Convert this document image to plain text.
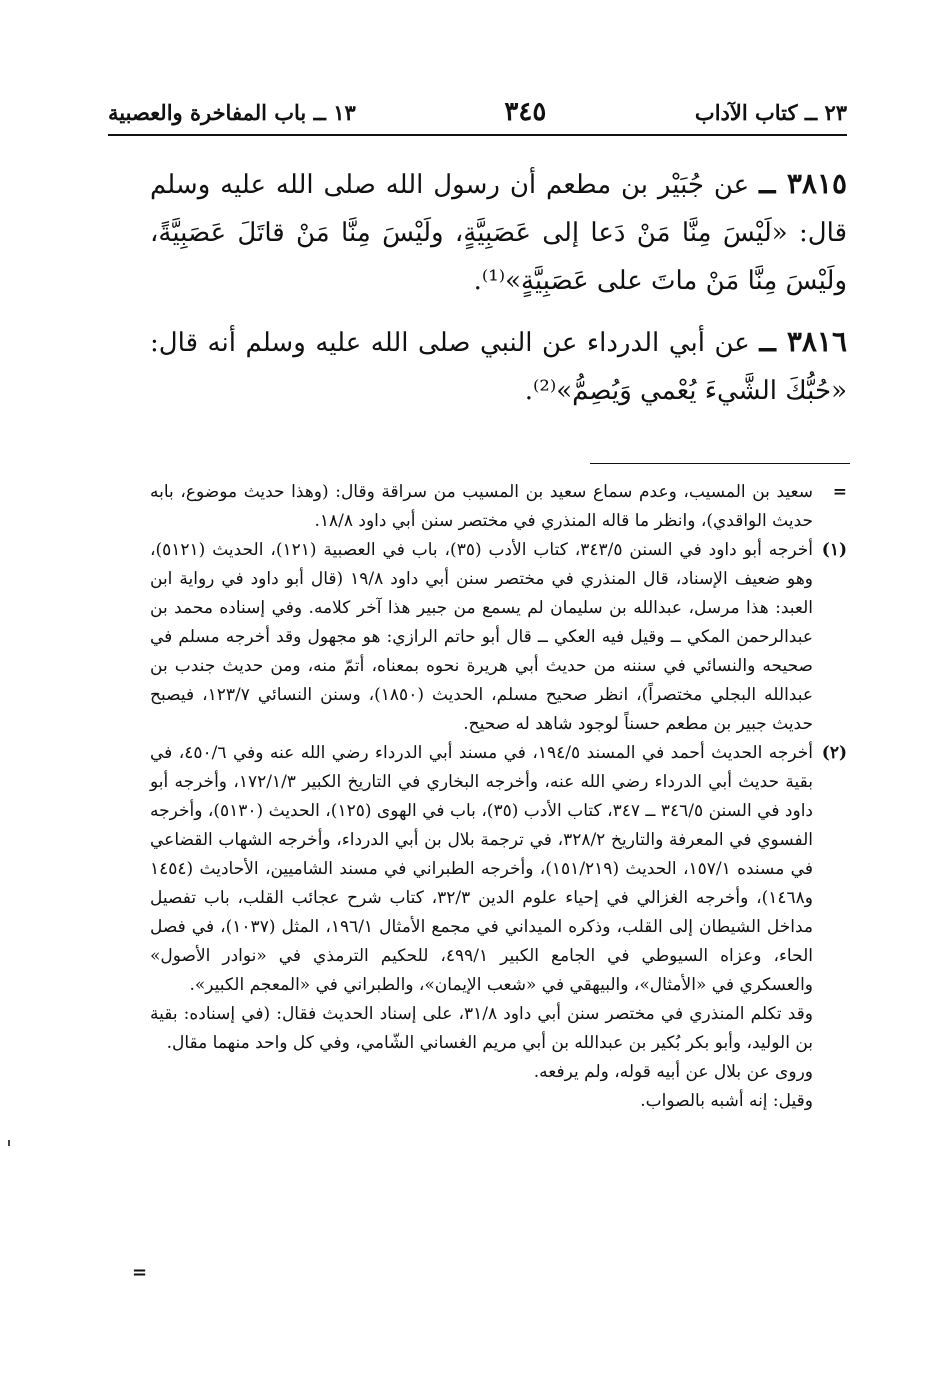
٢٣ ــ كتاب الآداب
٣٤٥
١٣ ــ باب المفاخرة والعصبية
٣٨١٥ ــ عن جُبَيْر بن مطعم أن رسول الله صلى الله عليه وسلم قال: «لَيْسَ مِنَّا مَنْ دَعا إلى عَصَبِيَّةٍ، ولَيْسَ مِنَّا مَنْ قاتَلَ عَصَبِيَّةً، ولَيْسَ مِنَّا مَنْ ماتَ على عَصَبِيَّةٍ»⁽¹⁾.
٣٨١٦ ــ عن أبي الدرداء عن النبي صلى الله عليه وسلم أنه قال: «حُبُّكَ الشَّيءَ يُعْمي وَيُصِمُّ»⁽²⁾.
=

سعيد بن المسيب، وعدم سماع سعيد بن المسيب من سراقة وقال: (وهذا حديث موضوع، بابه حديث الواقدي)، وانظر ما قاله المنذري في مختصر سنن أبي داود ١٨/٨.

(١)

أخرجه أبو داود في السنن ٣٤٣/٥، كتاب الأدب (٣٥)، باب في العصبية (١٢١)، الحديث (٥١٢١)، وهو ضعيف الإسناد، قال المنذري في مختصر سنن أبي داود ١٩/٨ (قال أبو داود في رواية ابن العبد: هذا مرسل، عبدالله بن سليمان لم يسمع من جبير هذا آخر كلامه. وفي إسناده محمد بن عبدالرحمن المكي ــ وقيل فيه العكي ــ قال أبو حاتم الرازي: هو مجهول وقد أخرجه مسلم في صحيحه والنسائي في سننه من حديث أبي هريرة نحوه بمعناه، أتمّ منه، ومن حديث جندب بن عبدالله البجلي مختصراً)، انظر صحيح مسلم، الحديث (١٨٥٠)، وسنن النسائي ١٢٣/٧، فيصبح حديث جبير بن مطعم حسناً لوجود شاهد له صحيح.

(٢)

أخرجه الحديث أحمد في المسند ١٩٤/٥، في مسند أبي الدرداء رضي الله عنه وفي ٤٥٠/٦، في بقية حديث أبي الدرداء رضي الله عنه، وأخرجه البخاري في التاريخ الكبير ١٧٢/١/٣، وأخرجه أبو داود في السنن ٣٤٦/٥ ــ ٣٤٧، كتاب الأدب (٣٥)، باب في الهوى (١٢٥)، الحديث (٥١٣٠)، وأخرجه الفسوي في المعرفة والتاريخ ٣٢٨/٢، في ترجمة بلال بن أبي الدرداء، وأخرجه الشهاب القضاعي في مسنده ١٥٧/١، الحديث (١٥١/٢١٩)، وأخرجه الطبراني في مسند الشاميين، الأحاديث (١٤٥٤ و١٤٦٨)، وأخرجه الغزالي في إحياء علوم الدين ٣٢/٣، كتاب شرح عجائب القلب، باب تفصيل مداخل الشيطان إلى القلب، وذكره الميداني في مجمع الأمثال ١٩٦/١، المثل (١٠٣٧)، في فصل الحاء، وعزاه السيوطي في الجامع الكبير ٤٩٩/١، للحكيم الترمذي في «نوادر الأصول» والعسكري في «الأمثال»، والبيهقي في «شعب الإيمان»، والطبراني في «المعجم الكبير».

وقد تكلم المنذري في مختصر سنن أبي داود ٣١/٨، على إسناد الحديث فقال: (في إسناده: بقية بن الوليد، وأبو بكر بُكير بن عبدالله بن أبي مريم الغساني الشّامي، وفي كل واحد منهما مقال.

وروى عن بلال عن أبيه قوله، ولم يرفعه.

وقيل: إنه أشبه بالصواب.

=
